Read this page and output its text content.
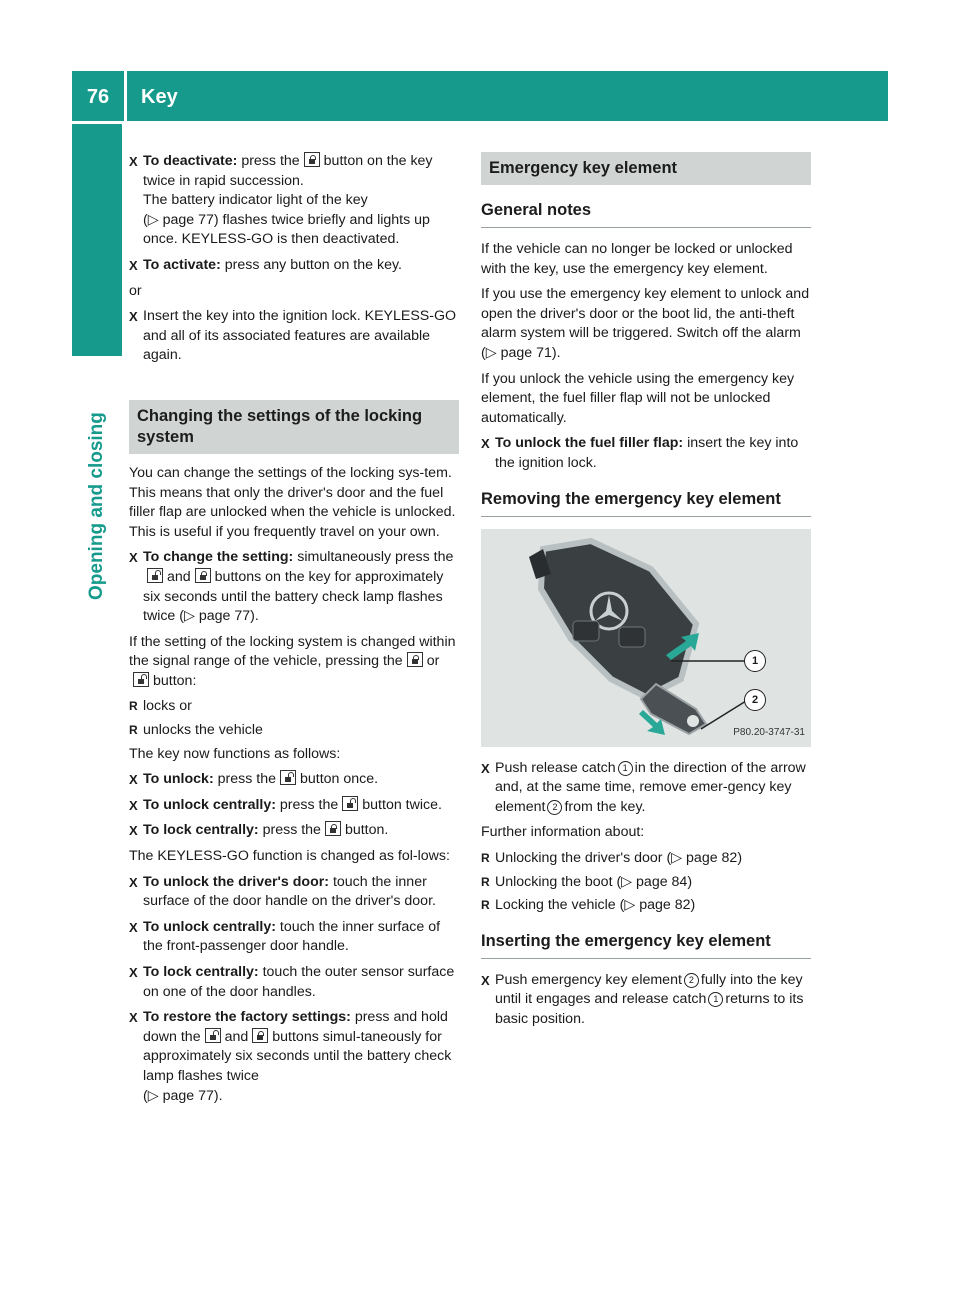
76	Key
Opening and closing
X To deactivate: press the button on the key twice in rapid succession.
The battery indicator light of the key
(▷ page 77) flashes twice briefly and lights up once. KEYLESS-GO is then deactivated.
X To activate: press any button on the key.

or

X Insert the key into the ignition lock. KEYLESS-GO and all of its associated features are available again.
Changing the settings of the locking system

You can change the settings of the locking sys-tem. This means that only the driver's door and the fuel filler flap are unlocked when the vehicle is unlocked. This is useful if you frequently travel on your own.

X To change the setting: simultaneously press theand buttons on the key for approximately six seconds until the battery check lamp flashes twice (▷ page 77).

If the setting of the locking system is changed within the signal range of the vehicle, pressing the orbutton:

R locks or
R unlocks the vehicle

The key now functions as follows:

X To unlock: press the button once.
X To unlock centrally: press the button twice.
X To lock centrally: press the button.

The KEYLESS-GO function is changed as fol-lows:

X To unlock the driver's door: touch the inner surface of the door handle on the driver's door.
X To unlock centrally: touch the inner surface of the front-passenger door handle.
X To lock centrally: touch the outer sensor surface on one of the door handles.
X To restore the factory settings: press and hold down the and buttons simul-taneously for approximately six seconds until the battery check lamp flashes twice
(▷ page 77).
Emergency key element
General notes

If the vehicle can no longer be locked or unlocked with the key, use the emergency key element.

If you use the emergency key element to unlock and open the driver's door or the boot lid, the anti-theft alarm system will be triggered. Switch off the alarm (▷ page 71).

If you unlock the vehicle using the emergency key element, the fuel filler flap will not be unlocked automatically.

X To unlock the fuel filler flap: insert the key into the ignition lock.
Removing the emergency key element
1
2
P80.20-3747-31
X Push release catch 1 in the direction of the arrow and, at the same time, remove emer-gency key element 2 from the key.

Further information about:

R Unlocking the driver's door (▷ page 82)
R Unlocking the boot (▷ page 84)
R Locking the vehicle (▷ page 82)
Inserting the emergency key element
X Push emergency key element 2 fully into the key until it engages and release catch 1 returns to its basic position.
